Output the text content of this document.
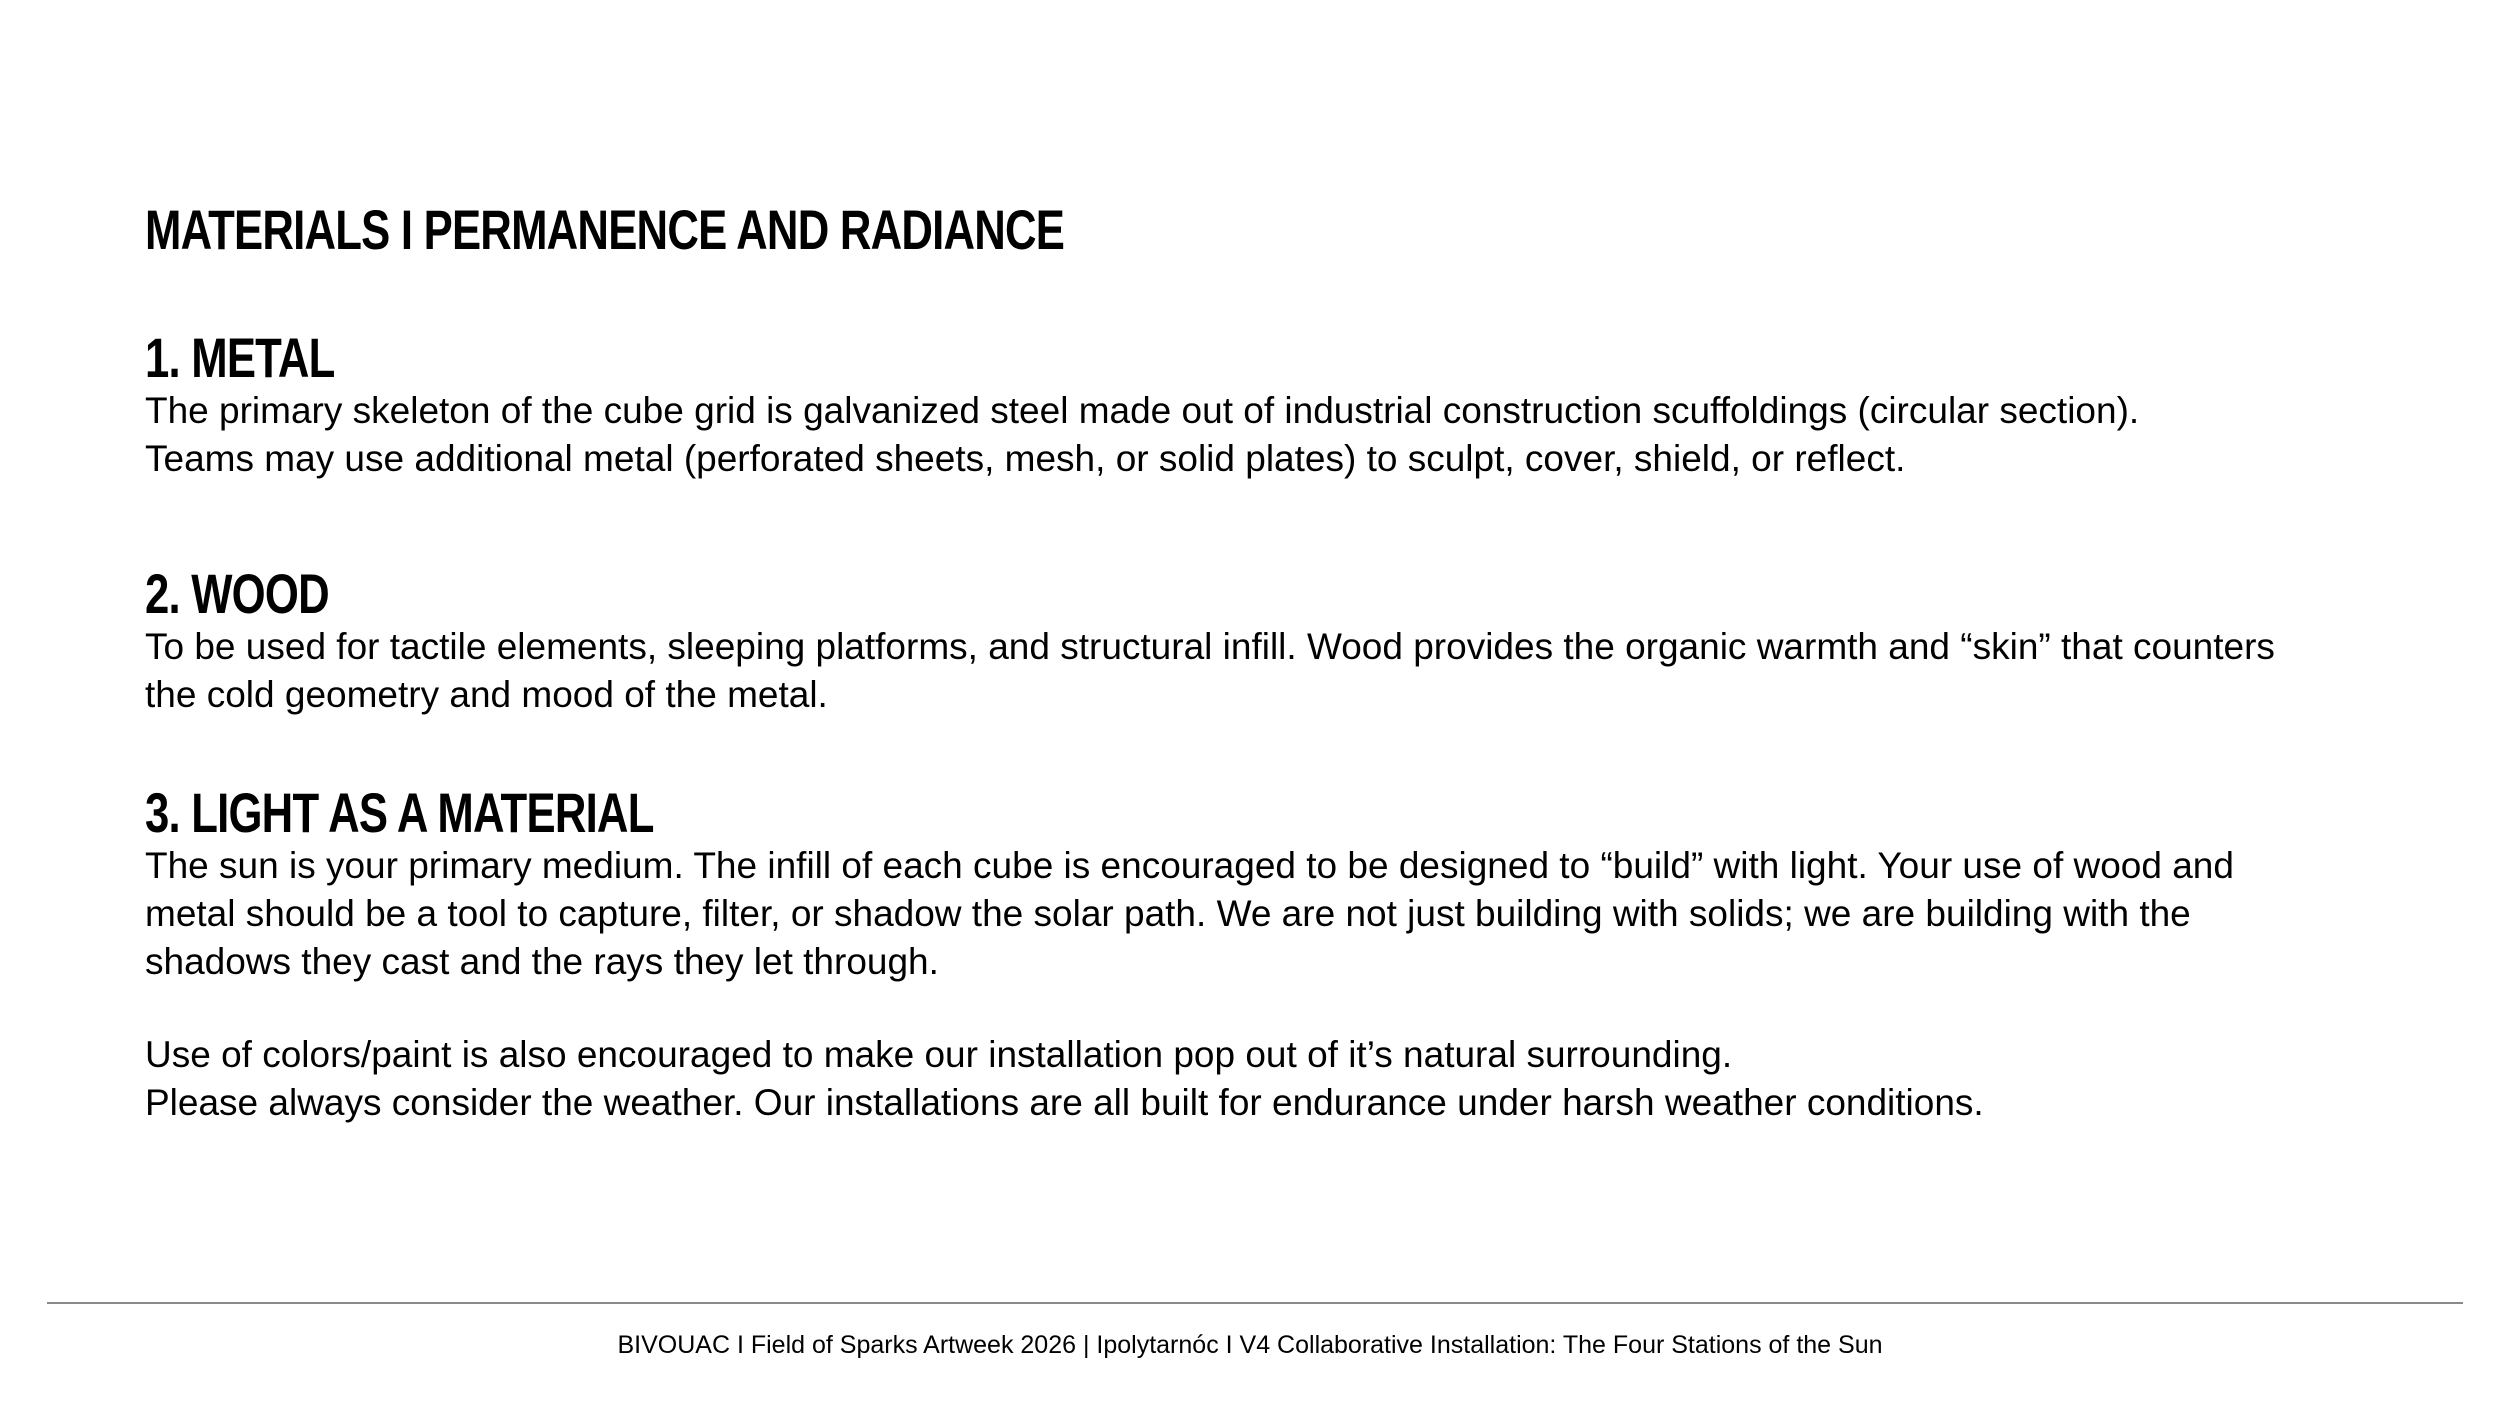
MATERIALS I PERMANENCE AND RADIANCE
1. METAL

The primary skeleton of the cube grid is galvanized steel made out of industrial construction scuffoldings (circular section).
Teams may use additional metal (perforated sheets, mesh, or solid plates) to sculpt, cover, shield, or reflect.

2. WOOD

To be used for tactile elements, sleeping platforms, and structural infill. Wood provides the organic warmth and “skin” that counters
the cold geometry and mood of the metal.

3. LIGHT AS A MATERIAL

The sun is your primary medium. The infill of each cube is encouraged to be designed to “build” with light. Your use of wood and
metal should be a tool to capture, filter, or shadow the solar path. We are not just building with solids; we are building with the
shadows they cast and the rays they let through.

Use of colors/paint is also encouraged to make our installation pop out of it’s natural surrounding.
Please always consider the weather. Our installations are all built for endurance under harsh weather conditions.

BIVOUAC I Field of Sparks Artweek 2026 | Ipolytarnóc I V4 Collaborative Installation: The Four Stations of the Sun
